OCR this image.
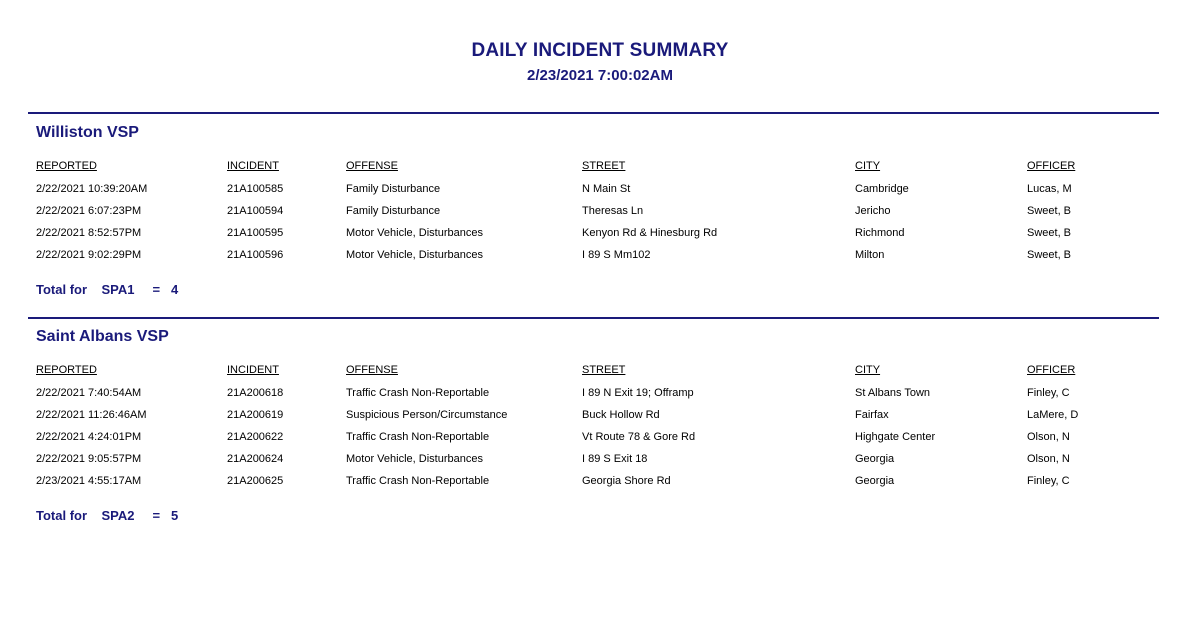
DAILY INCIDENT SUMMARY
2/23/2021 7:00:02AM
Williston VSP
REPORTED	INCIDENT	OFFENSE	STREET	CITY	OFFICER
2/22/2021 10:39:20AM	21A100585	Family Disturbance	N Main St	Cambridge	Lucas, M
2/22/2021 6:07:23PM	21A100594	Family Disturbance	Theresas Ln	Jericho	Sweet, B
2/22/2021 8:52:57PM	21A100595	Motor Vehicle, Disturbances	Kenyon Rd & Hinesburg Rd	Richmond	Sweet, B
2/22/2021 9:02:29PM	21A100596	Motor Vehicle, Disturbances	I 89 S Mm102	Milton	Sweet, B
Total for    SPA1     =   4
Saint Albans VSP
REPORTED	INCIDENT	OFFENSE	STREET	CITY	OFFICER
2/22/2021 7:40:54AM	21A200618	Traffic Crash Non-Reportable	I 89 N Exit 19; Offramp	St Albans Town	Finley, C
2/22/2021 11:26:46AM	21A200619	Suspicious Person/Circumstance	Buck Hollow Rd	Fairfax	LaMere, D
2/22/2021 4:24:01PM	21A200622	Traffic Crash Non-Reportable	Vt Route 78 & Gore Rd	Highgate Center	Olson, N
2/22/2021 9:05:57PM	21A200624	Motor Vehicle, Disturbances	I 89 S Exit 18	Georgia	Olson, N
2/23/2021 4:55:17AM	21A200625	Traffic Crash Non-Reportable	Georgia Shore Rd	Georgia	Finley, C
Total for    SPA2     =   5
